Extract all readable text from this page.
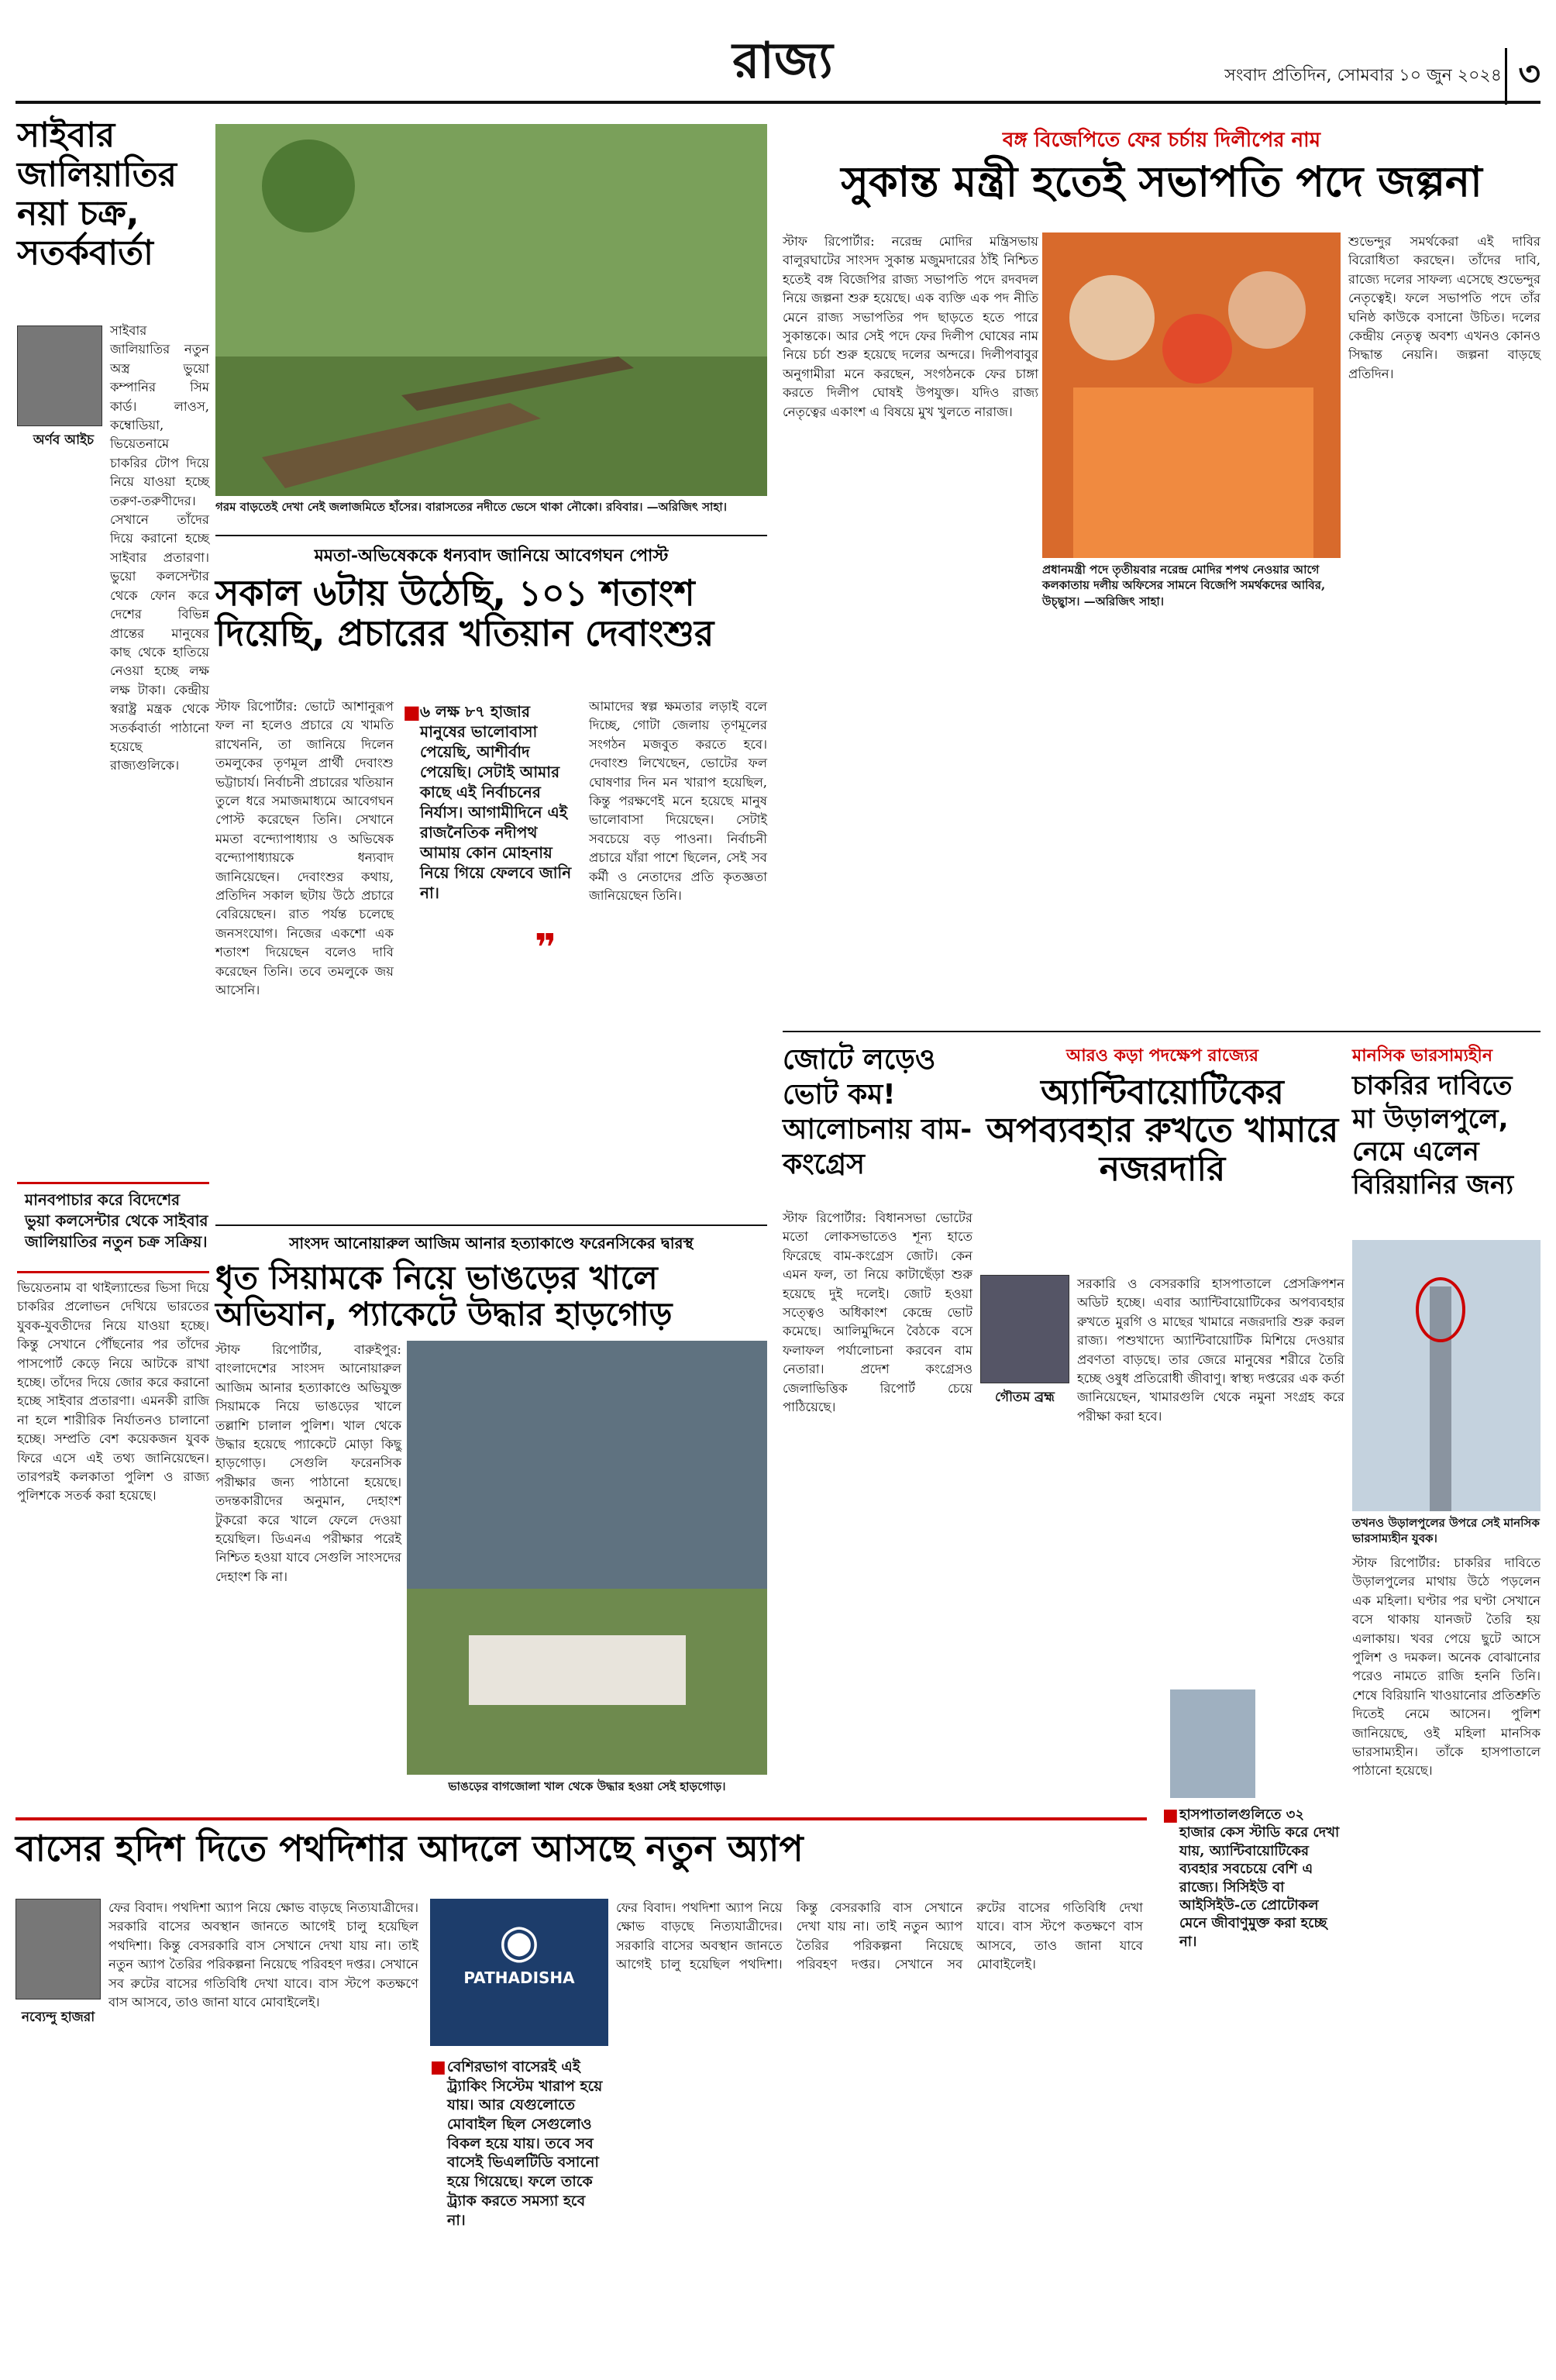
রাজ্য	সংবাদ প্রতিদিন, সোমবার ১০ জুন ২০২৪ ৩
সাইবার জালিয়াতির নয়া চক্র, সতর্কবার্তা
অর্ণব আইচ
সাইবার জালিয়াতির নতুন অস্ত্র ভুয়ো কম্পানির সিম কার্ড। লাওস, কম্বোডিয়া, ভিয়েতনামে চাকরির টোপ দিয়ে নিয়ে যাওয়া হচ্ছে তরুণ-তরুণীদের। সেখানে তাঁদের দিয়ে করানো হচ্ছে সাইবার প্রতারণা। ভুয়ো কলসেন্টার থেকে ফোন করে দেশের বিভিন্ন প্রান্তের মানুষের কাছ থেকে হাতিয়ে নেওয়া হচ্ছে লক্ষ লক্ষ টাকা। কেন্দ্রীয় স্বরাষ্ট্র মন্ত্রক থেকে সতর্কবার্তা পাঠানো হয়েছে রাজ্যগুলিকে।
মানবপাচার করে বিদেশের ভুয়া কলসেন্টার থেকে সাইবার জালিয়াতির নতুন চক্র সক্রিয়।
ভিয়েতনাম বা থাইল্যান্ডের ভিসা দিয়ে চাকরির প্রলোভন দেখিয়ে ভারতের যুবক-যুবতীদের নিয়ে যাওয়া হচ্ছে। কিন্তু সেখানে পৌঁছনোর পর তাঁদের পাসপোর্ট কেড়ে নিয়ে আটকে রাখা হচ্ছে। তাঁদের দিয়ে জোর করে করানো হচ্ছে সাইবার প্রতারণা। এমনকী রাজি না হলে শারীরিক নির্যাতনও চালানো হচ্ছে। সম্প্রতি বেশ কয়েকজন যুবক ফিরে এসে এই তথ্য জানিয়েছেন। তারপরই কলকাতা পুলিশ ও রাজ্য পুলিশকে সতর্ক করা হয়েছে।
গরম বাড়তেই দেখা নেই জলাজমিতে হাঁসের। বারাসতের নদীতে ভেসে থাকা নৌকো। রবিবার। —অরিজিৎ সাহা।
মমতা-অভিষেককে ধন্যবাদ জানিয়ে আবেগঘন পোস্ট
সকাল ৬টায় উঠেছি, ১০১ শতাংশ দিয়েছি, প্রচারের খতিয়ান দেবাংশুর
স্টাফ রিপোর্টার: ভোটে আশানুরূপ ফল না হলেও প্রচারে যে খামতি রাখেননি, তা জানিয়ে দিলেন তমলুকের তৃণমূল প্রার্থী দেবাংশু ভট্টাচার্য। নির্বাচনী প্রচারের খতিয়ান তুলে ধরে সমাজমাধ্যমে আবেগঘন পোস্ট করেছেন তিনি। সেখানে মমতা বন্দ্যোপাধ্যায় ও অভিষেক বন্দ্যোপাধ্যায়কে ধন্যবাদ জানিয়েছেন। দেবাংশুর কথায়, প্রতিদিন সকাল ছটায় উঠে প্রচারে বেরিয়েছেন। রাত পর্যন্ত চলেছে জনসংযোগ। নিজের একশো এক শতাংশ দিয়েছেন বলেও দাবি করেছেন তিনি। তবে তমলুকে জয় আসেনি।
■ ৬ লক্ষ ৮৭ হাজার মানুষের ভালোবাসা পেয়েছি, আশীর্বাদ পেয়েছি। সেটাই আমার কাছে এই নির্বাচনের নির্যাস। আগামীদিনে এই রাজনৈতিক নদীপথ আমায় কোন মোহনায় নিয়ে গিয়ে ফেলবে জানি না।
❞
আমাদের স্বল্প ক্ষমতার লড়াই বলে দিচ্ছে, গোটা জেলায় তৃণমূলের সংগঠন মজবুত করতে হবে। দেবাংশু লিখেছেন, ভোটের ফল ঘোষণার দিন মন খারাপ হয়েছিল, কিন্তু পরক্ষণেই মনে হয়েছে মানুষ ভালোবাসা দিয়েছেন। সেটাই সবচেয়ে বড় পাওনা। নির্বাচনী প্রচারে যাঁরা পাশে ছিলেন, সেই সব কর্মী ও নেতাদের প্রতি কৃতজ্ঞতা জানিয়েছেন তিনি।
বঙ্গ বিজেপিতে ফের চর্চায় দিলীপের নাম
সুকান্ত মন্ত্রী হতেই সভাপতি পদে জল্পনা
স্টাফ রিপোর্টার: নরেন্দ্র মোদির মন্ত্রিসভায় বালুরঘাটের সাংসদ সুকান্ত মজুমদারের ঠাঁই নিশ্চিত হতেই বঙ্গ বিজেপির রাজ্য সভাপতি পদে রদবদল নিয়ে জল্পনা শুরু হয়েছে। এক ব্যক্তি এক পদ নীতি মেনে রাজ্য সভাপতির পদ ছাড়তে হতে পারে সুকান্তকে। আর সেই পদে ফের দিলীপ ঘোষের নাম নিয়ে চর্চা শুরু হয়েছে দলের অন্দরে। দিলীপবাবুর অনুগামীরা মনে করছেন, সংগঠনকে ফের চাঙ্গা করতে দিলীপ ঘোষই উপযুক্ত। যদিও রাজ্য নেতৃত্বের একাংশ এ বিষয়ে মুখ খুলতে নারাজ।
প্রধানমন্ত্রী পদে তৃতীয়বার নরেন্দ্র মোদির শপথ নেওয়ার আগে কলকাতায় দলীয় অফিসের সামনে বিজেপি সমর্থকদের আবির, উচ্ছ্বাস। —অরিজিৎ সাহা।
শুভেন্দুর সমর্থকেরা এই দাবির বিরোধিতা করছেন। তাঁদের দাবি, রাজ্যে দলের সাফল্য এসেছে শুভেন্দুর নেতৃত্বেই। ফলে সভাপতি পদে তাঁর ঘনিষ্ঠ কাউকে বসানো উচিত। দলের কেন্দ্রীয় নেতৃত্ব অবশ্য এখনও কোনও সিদ্ধান্ত নেয়নি। জল্পনা বাড়ছে প্রতিদিন।
জোটে লড়েও ভোট কম! আলোচনায় বাম-কংগ্রেস
স্টাফ রিপোর্টার: বিধানসভা ভোটের মতো লোকসভাতেও শূন্য হাতে ফিরেছে বাম-কংগ্রেস জোট। কেন এমন ফল, তা নিয়ে কাটাছেঁড়া শুরু হয়েছে দুই দলেই। জোট হওয়া সত্ত্বেও অধিকাংশ কেন্দ্রে ভোট কমেছে। আলিমুদ্দিনে বৈঠকে বসে ফলাফল পর্যালোচনা করবেন বাম নেতারা। প্রদেশ কংগ্রেসও জেলাভিত্তিক রিপোর্ট চেয়ে পাঠিয়েছে।
আরও কড়া পদক্ষেপ রাজ্যের
অ্যান্টিবায়োটিকের অপব্যবহার রুখতে খামারে নজরদারি
গৌতম ব্রহ্ম
সরকারি ও বেসরকারি হাসপাতালে প্রেসক্রিপশন অডিট হচ্ছে। এবার অ্যান্টিবায়োটিকের অপব্যবহার রুখতে মুরগি ও মাছের খামারে নজরদারি শুরু করল রাজ্য। পশুখাদ্যে অ্যান্টিবায়োটিক মিশিয়ে দেওয়ার প্রবণতা বাড়ছে। তার জেরে মানুষের শরীরে তৈরি হচ্ছে ওষুধ প্রতিরোধী জীবাণু। স্বাস্থ্য দপ্তরের এক কর্তা জানিয়েছেন, খামারগুলি থেকে নমুনা সংগ্রহ করে পরীক্ষা করা হবে।
■ হাসপাতালগুলিতে ৩২ হাজার কেস স্টাডি করে দেখা যায়, অ্যান্টিবায়োটিকের ব্যবহার সবচেয়ে বেশি এ রাজ্যে। সিসিইউ বা আইসিইউ-তে প্রোটোকল মেনে জীবাণুমুক্ত করা হচ্ছে না।
মানসিক ভারসাম্যহীন
চাকরির দাবিতে মা উড়ালপুলে, নেমে এলেন বিরিয়ানির জন্য
তখনও উড়ালপুলের উপরে সেই মানসিক ভারসাম্যহীন যুবক।
স্টাফ রিপোর্টার: চাকরির দাবিতে উড়ালপুলের মাথায় উঠে পড়লেন এক মহিলা। ঘণ্টার পর ঘণ্টা সেখানে বসে থাকায় যানজট তৈরি হয় এলাকায়। খবর পেয়ে ছুটে আসে পুলিশ ও দমকল। অনেক বোঝানোর পরেও নামতে রাজি হননি তিনি। শেষে বিরিয়ানি খাওয়ানোর প্রতিশ্রুতি দিতেই নেমে আসেন। পুলিশ জানিয়েছে, ওই মহিলা মানসিক ভারসাম্যহীন। তাঁকে হাসপাতালে পাঠানো হয়েছে।
সাংসদ আনোয়ারুল আজিম আনার হত্যাকাণ্ডে ফরেনসিকের দ্বারস্থ
ধৃত সিয়ামকে নিয়ে ভাঙড়ের খালে অভিযান, প্যাকেটে উদ্ধার হাড়গোড়
স্টাফ রিপোর্টার, বারুইপুর: বাংলাদেশের সাংসদ আনোয়ারুল আজিম আনার হত্যাকাণ্ডে অভিযুক্ত সিয়ামকে নিয়ে ভাঙড়ের খালে তল্লাশি চালাল পুলিশ। খাল থেকে উদ্ধার হয়েছে প্যাকেটে মোড়া কিছু হাড়গোড়। সেগুলি ফরেনসিক পরীক্ষার জন্য পাঠানো হয়েছে। তদন্তকারীদের অনুমান, দেহাংশ টুকরো করে খালে ফেলে দেওয়া হয়েছিল। ডিএনএ পরীক্ষার পরেই নিশ্চিত হওয়া যাবে সেগুলি সাংসদের দেহাংশ কি না।
ভাঙড়ের বাগজোলা খাল থেকে উদ্ধার হওয়া সেই হাড়গোড়।
বাসের হদিশ দিতে পথদিশার আদলে আসছে নতুন অ্যাপ
নব্যেন্দু হাজরা
ফের বিবাদ। পথদিশা অ্যাপ নিয়ে ক্ষোভ বাড়ছে নিত্যযাত্রীদের। সরকারি বাসের অবস্থান জানতে আগেই চালু হয়েছিল পথদিশা। কিন্তু বেসরকারি বাস সেখানে দেখা যায় না। তাই নতুন অ্যাপ তৈরির পরিকল্পনা নিয়েছে পরিবহণ দপ্তর। সেখানে সব রুটের বাসের গতিবিধি দেখা যাবে। বাস স্টপে কতক্ষণে বাস আসবে, তাও জানা যাবে মোবাইলেই।
◉
PATHADISHA
■ বেশিরভাগ বাসেরই এই ট্র্যাকিং সিস্টেম খারাপ হয়ে যায়। আর যেগুলোতে মোবাইল ছিল সেগুলোও বিকল হয়ে যায়। তবে সব বাসেই ভিএলটিডি বসানো হয়ে গিয়েছে। ফলে তাকে ট্র্যাক করতে সমস্যা হবে না।
ফের বিবাদ। পথদিশা অ্যাপ নিয়ে ক্ষোভ বাড়ছে নিত্যযাত্রীদের। সরকারি বাসের অবস্থান জানতে আগেই চালু হয়েছিল পথদিশা। কিন্তু বেসরকারি বাস সেখানে দেখা যায় না। তাই নতুন অ্যাপ তৈরির পরিকল্পনা নিয়েছে পরিবহণ দপ্তর। সেখানে সব রুটের বাসের গতিবিধি দেখা যাবে। বাস স্টপে কতক্ষণে বাস আসবে, তাও জানা যাবে মোবাইলেই।
